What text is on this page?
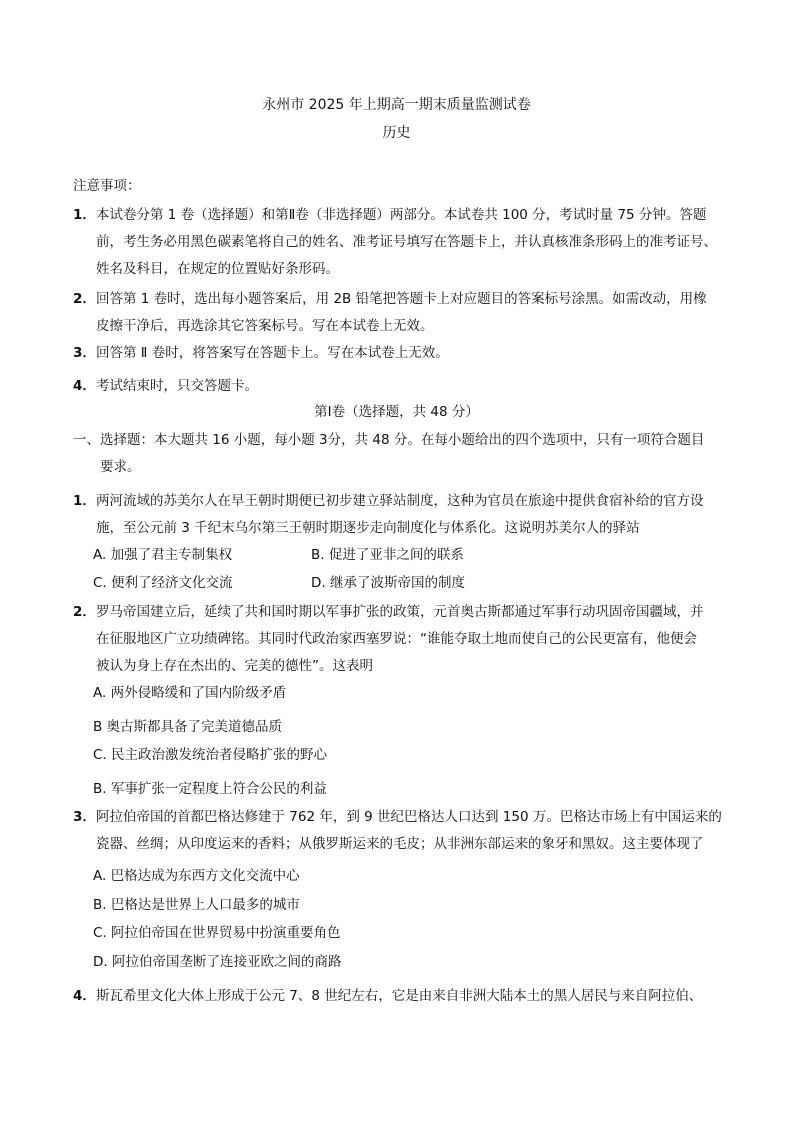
永州市 2025 年上期高一期末质量监测试卷
历史
注意事项：
1． 本试卷分第 1 卷（选择题）和第Ⅱ卷（非选择题）两部分。本试卷共 100 分，考试时量 75 分钟。答题
前，考生务必用黑色碳素笔将自己的姓名、准考证号填写在答题卡上，并认真核准条形码上的准考证号、
姓名及科目，在规定的位置贴好条形码。
2． 回答第 1 卷时，选出每小题答案后，用 2B 铅笔把答题卡上对应题目的答案标号涂黑。如需改动，用橡
皮擦干净后，再选涂其它答案标号。写在本试卷上无效。
3． 回答第 Ⅱ 卷时，将答案写在答题卡上。写在本试卷上无效。
4． 考试结束时，只交答题卡。
第Ⅰ卷（选择题，共 48 分）
一、选择题：本大题共 16 小题，每小题 3分，共 48 分。在每小题给出的四个选项中，只有一项符合题目
要求。
1． 两河流域的苏美尔人在早王朝时期便已初步建立驿站制度，这种为官员在旅途中提供食宿补给的官方设
施，至公元前 3 千纪末乌尔第三王朝时期逐步走向制度化与体系化。这说明苏美尔人的驿站
A. 加强了君主专制集权	B. 促进了亚非之间的联系
C. 便利了经济文化交流	D. 继承了波斯帝国的制度
2． 罗马帝国建立后，延续了共和国时期以军事扩张的政策，元首奥古斯都通过军事行动巩固帝国疆域，并
在征服地区广立功绩碑铭。其同时代政治家西塞罗说：“谁能夺取土地而使自己的公民更富有，他便会
被认为身上存在杰出的、完美的德性”。这表明
A. 两外侵略缓和了国内阶级矛盾
B 奥古斯都具备了完美道德品质
C. 民主政治激发统治者侵略扩张的野心
B. 军事扩张一定程度上符合公民的利益
3． 阿拉伯帝国的首都巴格达修建于 762 年，到 9 世纪巴格达人口达到 150 万。巴格达市场上有中国运来的
瓷器、丝绸；从印度运来的香料；从俄罗斯运来的毛皮；从非洲东部运来的象牙和黑奴。这主要体现了
A. 巴格达成为东西方文化交流中心
B. 巴格达是世界上人口最多的城市
C. 阿拉伯帝国在世界贸易中扮演重要角色
D. 阿拉伯帝国垄断了连接亚欧之间的商路
4． 斯瓦希里文化大体上形成于公元 7、8 世纪左右，它是由来自非洲大陆本土的黑人居民与来自阿拉伯、
